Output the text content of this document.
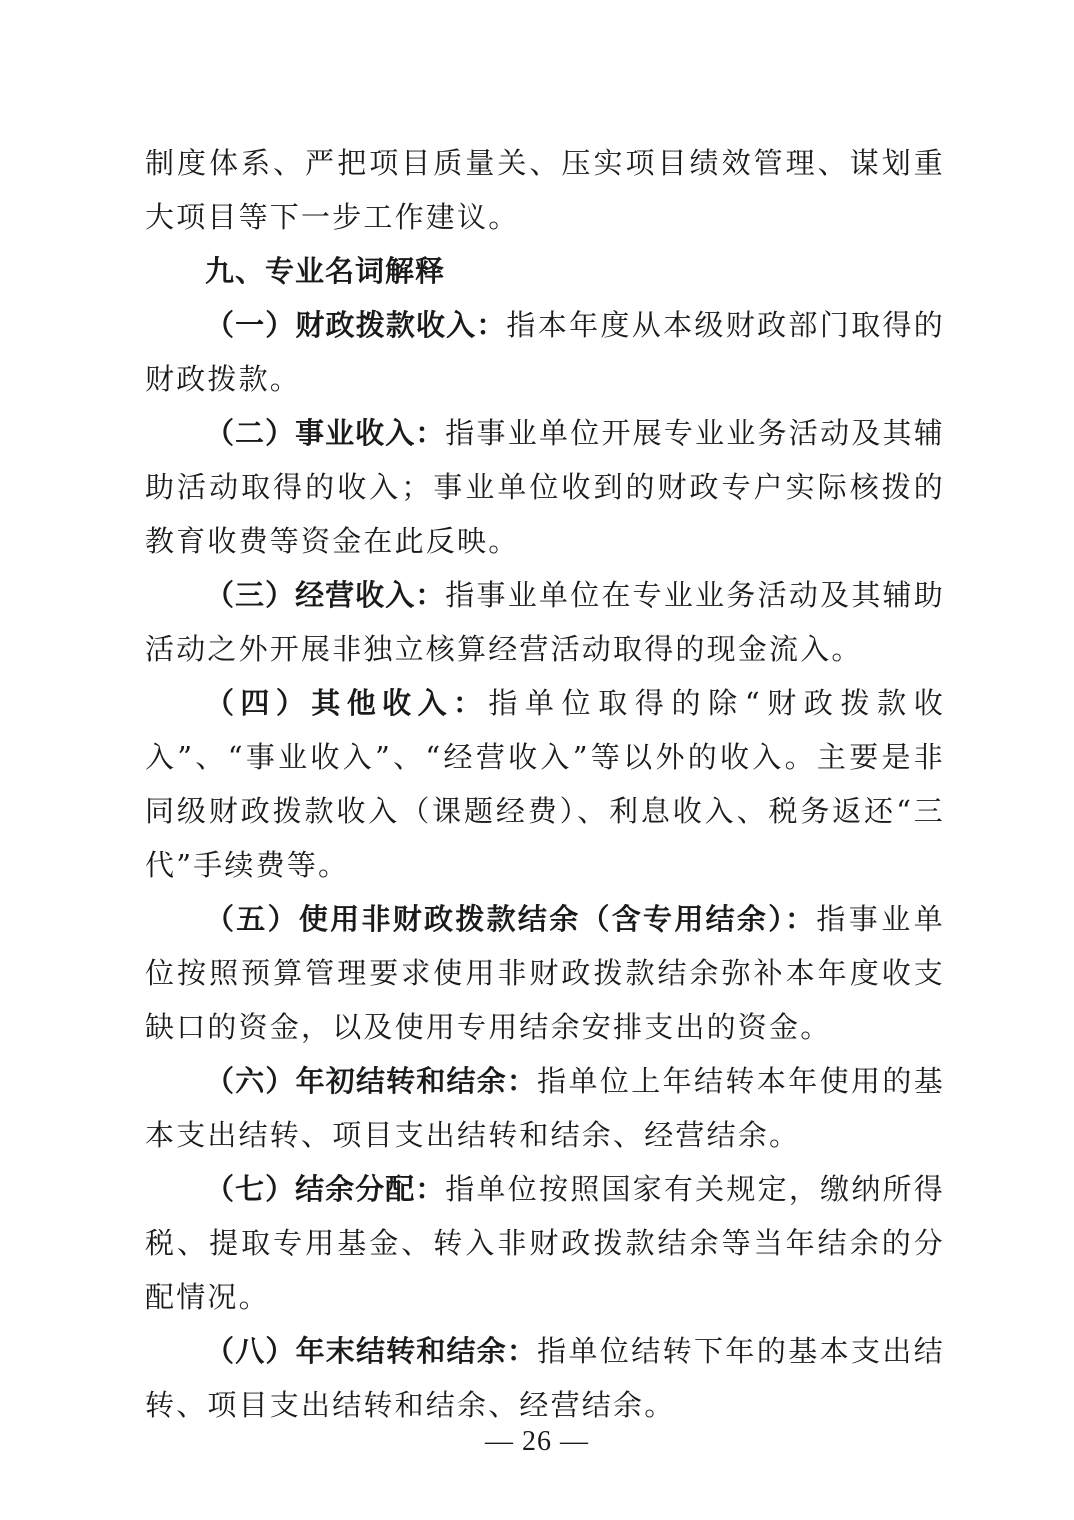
制度体系、严把项目质量关、压实项目绩效管理、谋划重大项目等下一步工作建议。

九、专业名词解释

（一）财政拨款收入：指本年度从本级财政部门取得的财政拨款。

（二）事业收入：指事业单位开展专业业务活动及其辅助活动取得的收入；事业单位收到的财政专户实际核拨的教育收费等资金在此反映。

（三）经营收入：指事业单位在专业业务活动及其辅助活动之外开展非独立核算经营活动取得的现金流入。

（四）其他收入：指单位取得的除“财政拨款收入”、“事业收入”、“经营收入”等以外的收入。主要是非同级财政拨款收入（课题经费）、利息收入、税务返还“三代”手续费等。

（五）使用非财政拨款结余（含专用结余）：指事业单位按照预算管理要求使用非财政拨款结余弥补本年度收支缺口的资金，以及使用专用结余安排支出的资金。

（六）年初结转和结余：指单位上年结转本年使用的基本支出结转、项目支出结转和结余、经营结余。

（七）结余分配：指单位按照国家有关规定，缴纳所得税、提取专用基金、转入非财政拨款结余等当年结余的分配情况。

（八）年末结转和结余：指单位结转下年的基本支出结转、项目支出结转和结余、经营结余。

— 26 —
